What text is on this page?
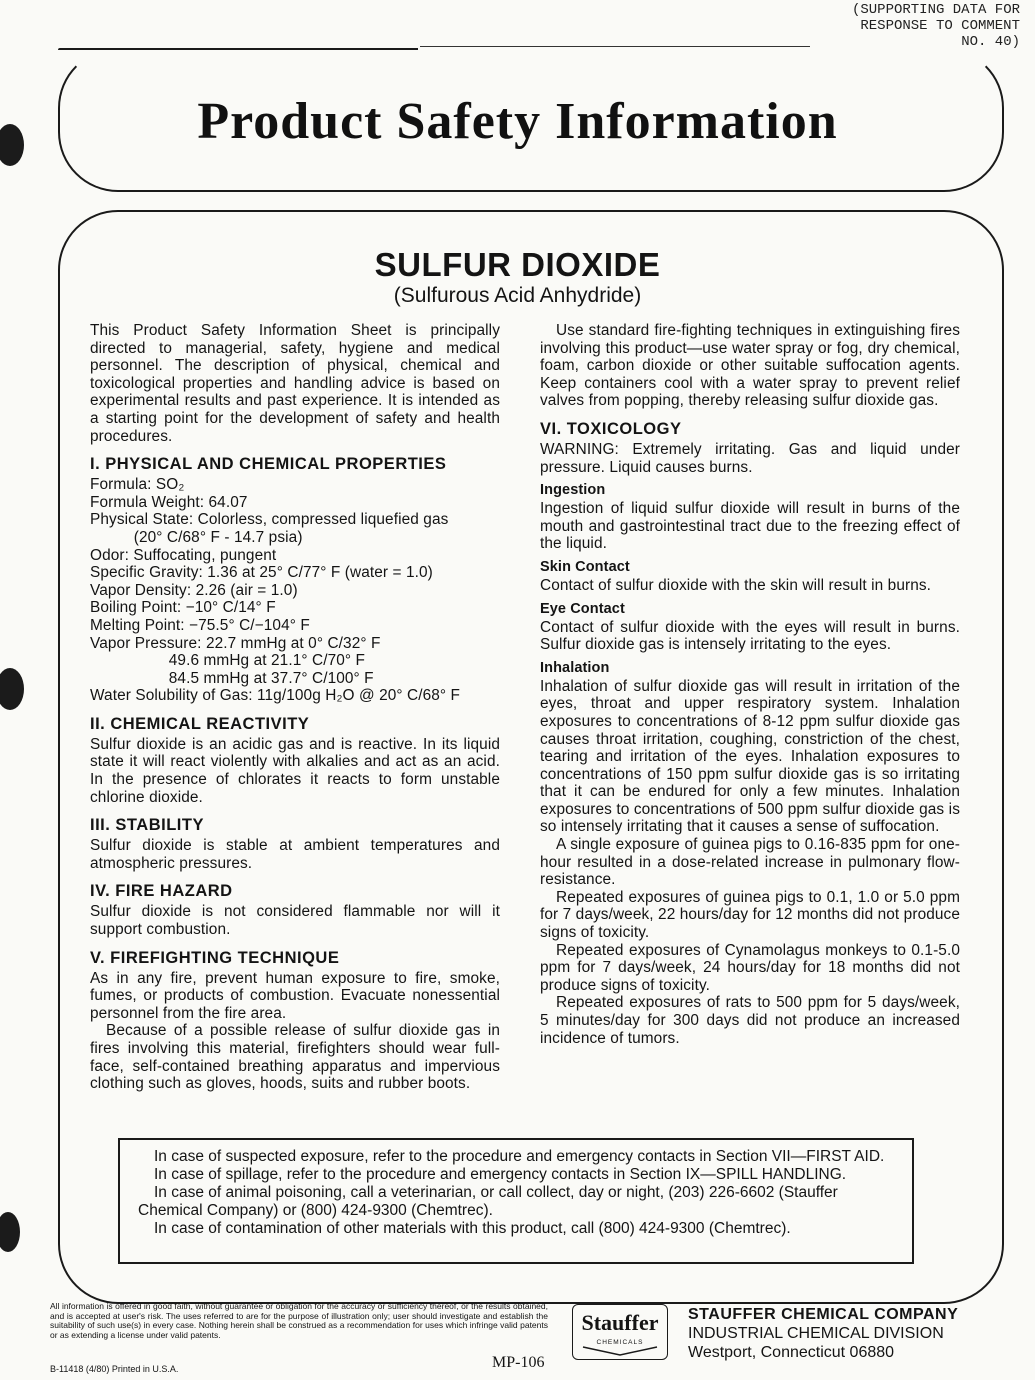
(SUPPORTING DATA FOR
RESPONSE TO COMMENT
NO. 40)
Product Safety Information
SULFUR DIOXIDE
(Sulfurous Acid Anhydride)

This Product Safety Information Sheet is principally directed to managerial, safety, hygiene and medical personnel. The description of physical, chemical and toxicological properties and handling advice is based on experimental results and past experience. It is intended as a starting point for the development of safety and health procedures.

I. PHYSICAL AND CHEMICAL PROPERTIES

Formula: SO₂

Formula Weight: 64.07

Physical State: Colorless, compressed liquefied gas

(20° C/68° F - 14.7 psia)

Odor: Suffocating, pungent

Specific Gravity: 1.36 at 25° C/77° F (water = 1.0)

Vapor Density: 2.26 (air = 1.0)

Boiling Point: −10° C/14° F

Melting Point: −75.5° C/−104° F

Vapor Pressure: 22.7 mmHg at 0° C/32° F

49.6 mmHg at 21.1° C/70° F

84.5 mmHg at 37.7° C/100° F

Water Solubility of Gas: 11g/100g H₂O @ 20° C/68° F

II. CHEMICAL REACTIVITY

Sulfur dioxide is an acidic gas and is reactive. In its liquid state it will react violently with alkalies and act as an acid. In the presence of chlorates it reacts to form unstable chlorine dioxide.

III. STABILITY

Sulfur dioxide is stable at ambient temperatures and atmospheric pressures.

IV. FIRE HAZARD

Sulfur dioxide is not considered flammable nor will it support combustion.

V. FIREFIGHTING TECHNIQUE

As in any fire, prevent human exposure to fire, smoke, fumes, or products of combustion. Evacuate nonessential personnel from the fire area.

Because of a possible release of sulfur dioxide gas in fires involving this material, firefighters should wear full-face, self-contained breathing apparatus and impervious clothing such as gloves, hoods, suits and rubber boots.

Use standard fire-fighting techniques in extinguishing fires involving this product—use water spray or fog, dry chemical, foam, carbon dioxide or other suitable suffocation agents. Keep containers cool with a water spray to prevent relief valves from popping, thereby releasing sulfur dioxide gas.

VI. TOXICOLOGY

WARNING: Extremely irritating. Gas and liquid under pressure. Liquid causes burns.

Ingestion

Ingestion of liquid sulfur dioxide will result in burns of the mouth and gastrointestinal tract due to the freezing effect of the liquid.

Skin Contact

Contact of sulfur dioxide with the skin will result in burns.

Eye Contact

Contact of sulfur dioxide with the eyes will result in burns. Sulfur dioxide gas is intensely irritating to the eyes.

Inhalation

Inhalation of sulfur dioxide gas will result in irritation of the eyes, throat and upper respiratory system. Inhalation exposures to concentrations of 8-12 ppm sulfur dioxide gas causes throat irritation, coughing, constriction of the chest, tearing and irritation of the eyes. Inhalation exposures to concentrations of 150 ppm sulfur dioxide gas is so irritating that it can be endured for only a few minutes. Inhalation exposures to concentrations of 500 ppm sulfur dioxide gas is so intensely irritating that it causes a sense of suffocation.

A single exposure of guinea pigs to 0.16-835 ppm for one-hour resulted in a dose-related increase in pulmonary flow-resistance.

Repeated exposures of guinea pigs to 0.1, 1.0 or 5.0 ppm for 7 days/week, 22 hours/day for 12 months did not produce signs of toxicity.

Repeated exposures of Cynamolagus monkeys to 0.1-5.0 ppm for 7 days/week, 24 hours/day for 18 months did not produce signs of toxicity.

Repeated exposures of rats to 500 ppm for 5 days/week, 5 minutes/day for 300 days did not produce an increased incidence of tumors.

In case of suspected exposure, refer to the procedure and emergency contacts in Section VII—FIRST AID.

In case of spillage, refer to the procedure and emergency contacts in Section IX—SPILL HANDLING.

In case of animal poisoning, call a veterinarian, or call collect, day or night, (203) 226-6602 (Stauffer Chemical Company) or (800) 424-9300 (Chemtrec).

In case of contamination of other materials with this product, call (800) 424-9300 (Chemtrec).

All information is offered in good faith, without guarantee or obligation for the accuracy or sufficiency thereof, or the results obtained, and is accepted at user's risk. The uses referred to are for the purpose of illustration only; user should investigate and establish the suitability of such use(s) in every case. Nothing herein shall be construed as a recommendation for uses which infringe valid patents or as extending a license under valid patents.
B-11418 (4/80) Printed in U.S.A.	MP-106
Stauffer
CHEMICALS
STAUFFER CHEMICAL COMPANY
INDUSTRIAL CHEMICAL DIVISION
Westport, Connecticut 06880
